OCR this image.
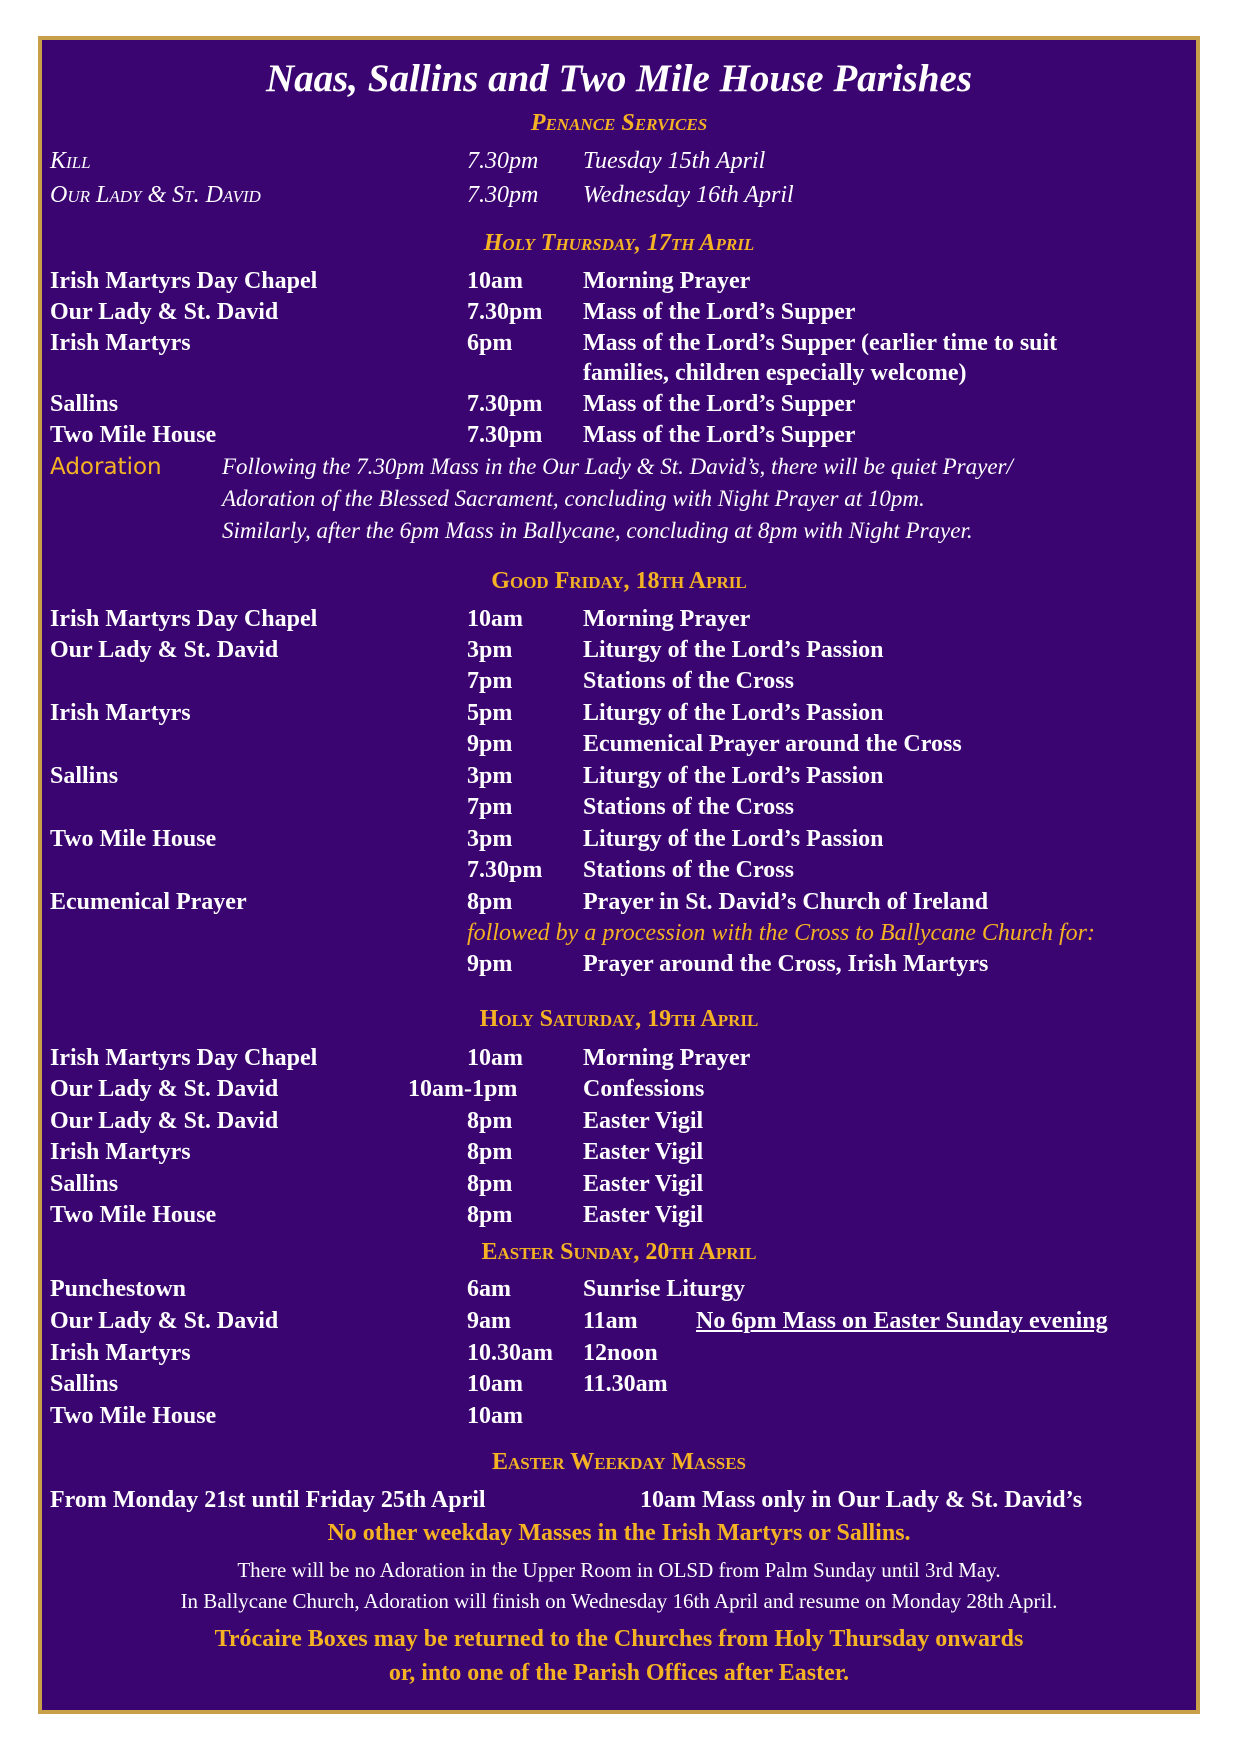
Naas, Sallins and Two Mile House Parishes
Penance Services
Kill	7.30pm Tuesday 15th April
Our Lady & St. David	7.30pm Wednesday 16th April
Holy Thursday, 17th April
Irish Martyrs Day Chapel	10am	Morning Prayer
Our Lady & St. David	7.30pm Mass of the Lord’s Supper
Irish Martyrs	6pm	Mass of the Lord’s Supper (earlier time to suit
families, children especially welcome)
Sallins	7.30pm Mass of the Lord’s Supper
Two Mile House	7.30pm Mass of the Lord’s Supper
Adoration	Following the 7.30pm Mass in the Our Lady & St. David’s, there will be quiet Prayer/
Adoration of the Blessed Sacrament, concluding with Night Prayer at 10pm.
Similarly, after the 6pm Mass in Ballycane, concluding at 8pm with Night Prayer.
Good Friday, 18th April
Irish Martyrs Day Chapel	10am	Morning Prayer
Our Lady & St. David	3pm	Liturgy of the Lord’s Passion
7pm	Stations of the Cross
Irish Martyrs	5pm	Liturgy of the Lord’s Passion
9pm	Ecumenical Prayer around the Cross
Sallins	3pm	Liturgy of the Lord’s Passion
7pm	Stations of the Cross
Two Mile House	3pm	Liturgy of the Lord’s Passion
7.30pm Stations of the Cross
Ecumenical Prayer	8pm	Prayer in St. David’s Church of Ireland
followed by a procession with the Cross to Ballycane Church for:
9pm	Prayer around the Cross, Irish Martyrs
Holy Saturday, 19th April
Irish Martyrs Day Chapel	10am	Morning Prayer
Our Lady & St. David	10am-1pm	Confessions
Our Lady & St. David	8pm	Easter Vigil
Irish Martyrs	8pm	Easter Vigil
Sallins	8pm	Easter Vigil
Two Mile House	8pm	Easter Vigil
Easter Sunday, 20th April
Punchestown	6am	Sunrise Liturgy
Our Lady & St. David	9am	11am No 6pm Mass on Easter Sunday evening
Irish Martyrs	10.30am 12noon
Sallins	10am	11.30am
Two Mile House	10am
Easter Weekday Masses
From Monday 21st until Friday 25th April	10am Mass only in Our Lady & St. David’s
No other weekday Masses in the Irish Martyrs or Sallins.
There will be no Adoration in the Upper Room in OLSD from Palm Sunday until 3rd May.
In Ballycane Church, Adoration will finish on Wednesday 16th April and resume on Monday 28th April.
Trócaire Boxes may be returned to the Churches from Holy Thursday onwards
or, into one of the Parish Offices after Easter.
